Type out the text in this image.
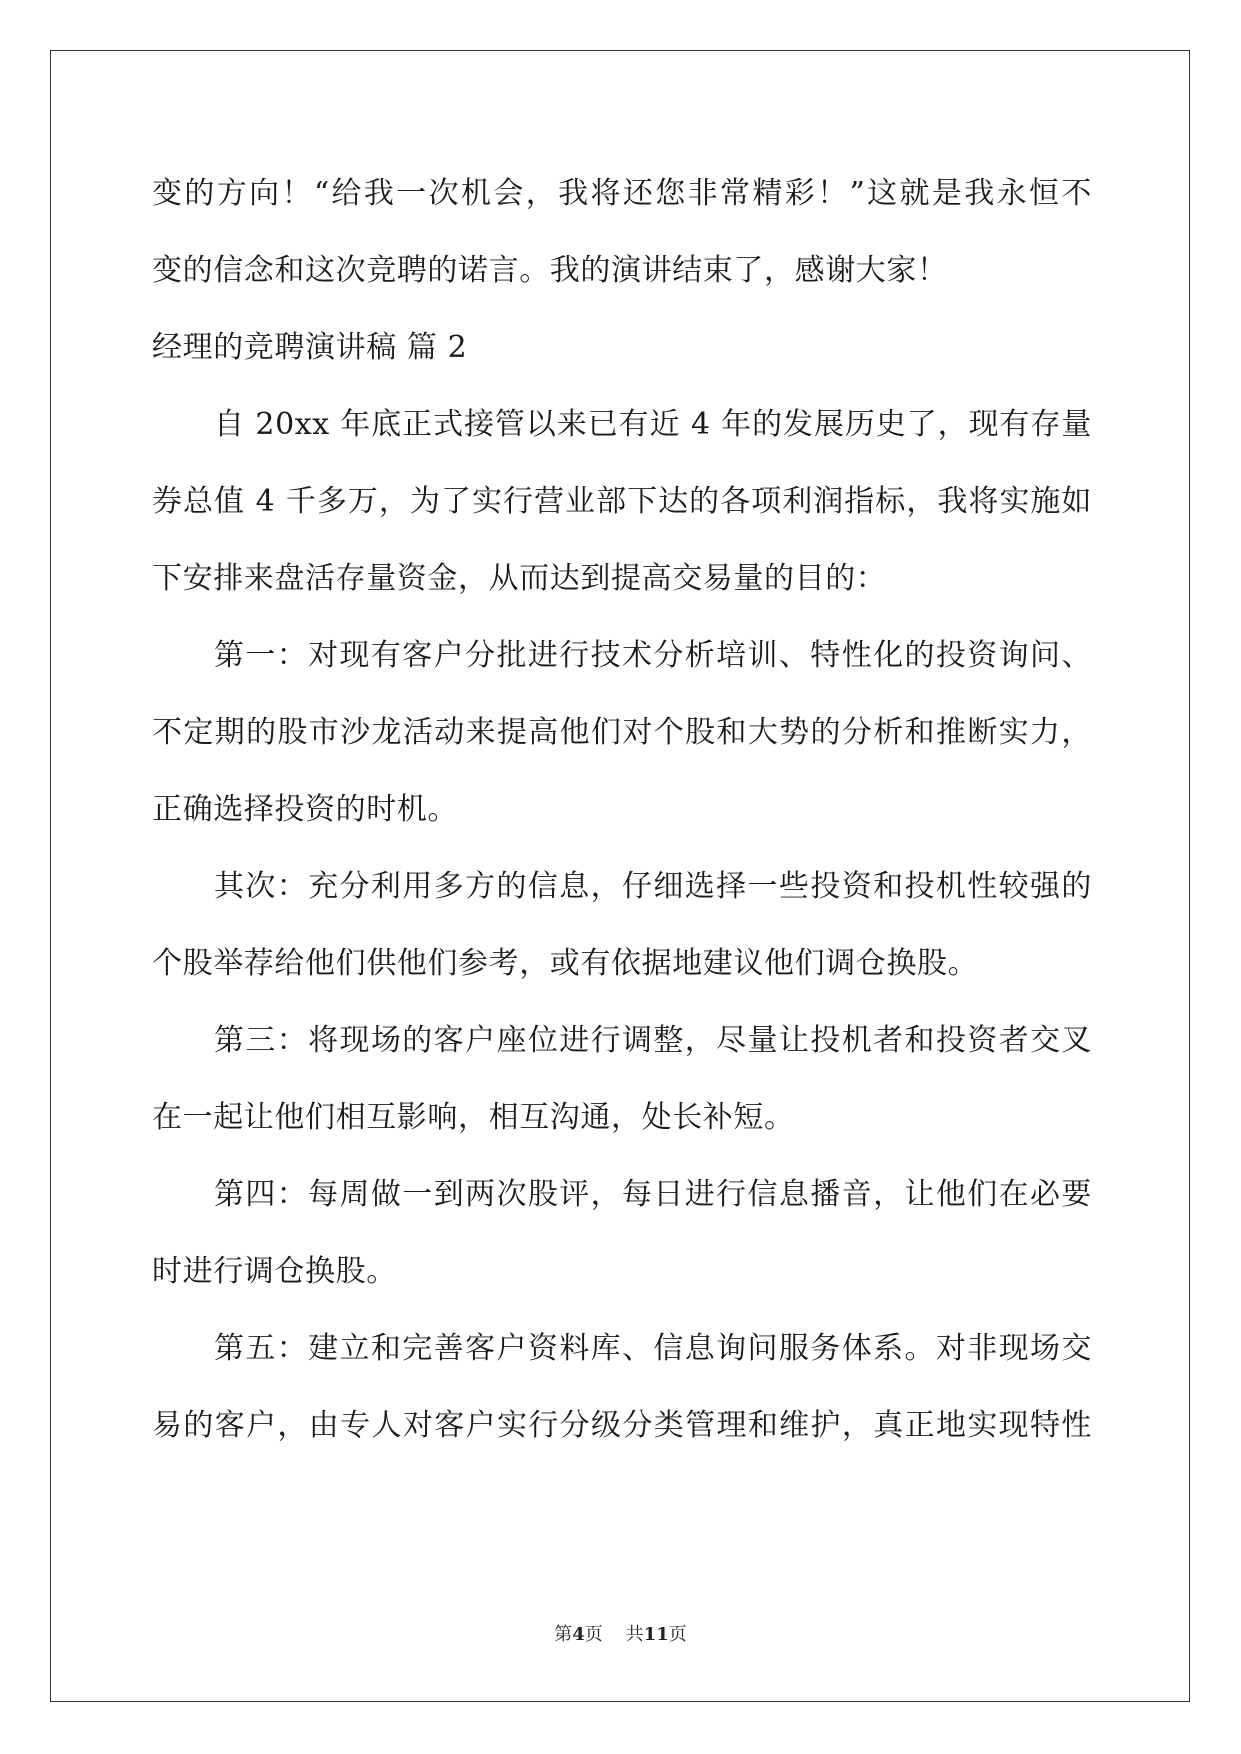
变的方向！“给我一次机会，我将还您非常精彩！”这就是我永恒不
变的信念和这次竞聘的诺言。我的演讲结束了，感谢大家！
经理的竞聘演讲稿 篇 2
自 20xx 年底正式接管以来已有近 4 年的发展历史了，现有存量
券总值 4 千多万，为了实行营业部下达的各项利润指标，我将实施如
下安排来盘活存量资金，从而达到提高交易量的目的：
第一：对现有客户分批进行技术分析培训、特性化的投资询问、
不定期的股市沙龙活动来提高他们对个股和大势的分析和推断实力，
正确选择投资的时机。
其次：充分利用多方的信息，仔细选择一些投资和投机性较强的
个股举荐给他们供他们参考，或有依据地建议他们调仓换股。
第三：将现场的客户座位进行调整，尽量让投机者和投资者交叉
在一起让他们相互影响，相互沟通，处长补短。
第四：每周做一到两次股评，每日进行信息播音，让他们在必要
时进行调仓换股。
第五：建立和完善客户资料库、信息询问服务体系。对非现场交
易的客户，由专人对客户实行分级分类管理和维护，真正地实现特性
第4页 共11页
